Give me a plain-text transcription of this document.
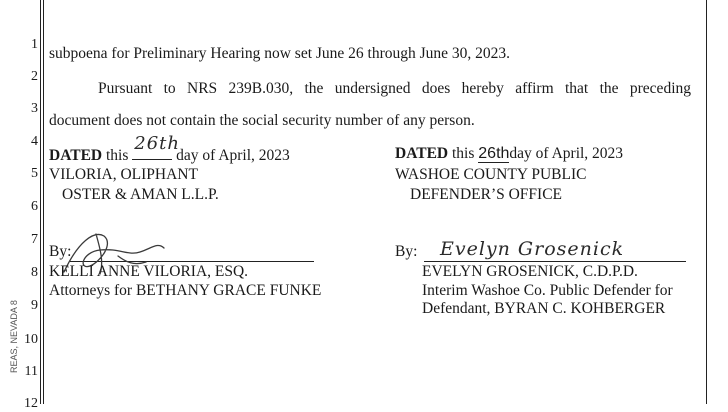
REAS, NEVADA 8
1
2
3
4
5
6
7
8
9
10
11
12
subpoena for Preliminary Hearing now set June 26 through June 30, 2023.
Pursuant to NRS 239B.030, the undersigned does hereby affirm that the preceding
document does not contain the social security number of any person.
DATED this
26th
day of April, 2023
VILORIA, OLIPHANT
OSTER & AMAN L.L.P.
By:
KELLI ANNE VILORIA, ESQ.
Attorneys for BETHANY GRACE FUNKE
DATED this 26thday of April, 2023
WASHOE COUNTY PUBLIC
DEFENDER’S OFFICE
By: Evelyn Grosenick
EVELYN GROSENICK, C.D.P.D.
Interim Washoe Co. Public Defender for
Defendant, BYRAN C. KOHBERGER
